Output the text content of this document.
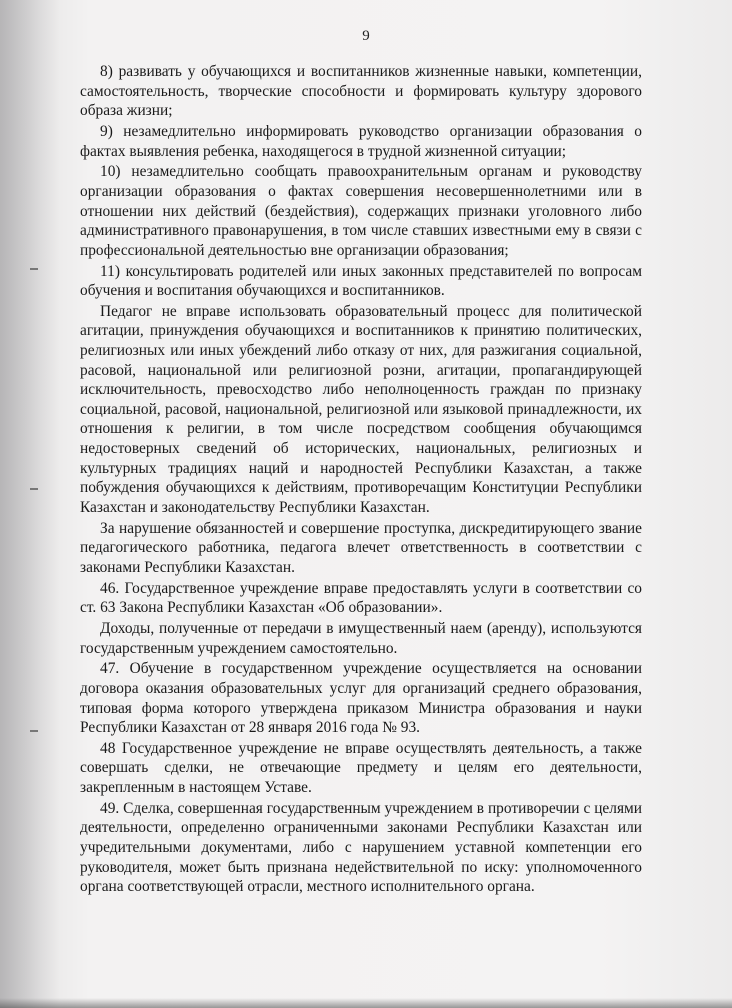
9

8) развивать у обучающихся и воспитанников жизненные навыки, компетенции, самостоятельность, творческие способности и формировать культуру здорового образа жизни;

9) незамедлительно информировать руководство организации образования о фактах выявления ребенка, находящегося в трудной жизненной ситуации;

10) незамедлительно сообщать правоохранительным органам и руководству организации образования о фактах совершения несовершеннолетними или в отношении них действий (бездействия), содержащих признаки уголовного либо административного правонарушения, в том числе ставших известными ему в связи с профессиональной деятельностью вне организации образования;

11) консультировать родителей или иных законных представителей по вопросам обучения и воспитания обучающихся и воспитанников.

Педагог не вправе использовать образовательный процесс для политической агитации, принуждения обучающихся и воспитанников к принятию политических, религиозных или иных убеждений либо отказу от них, для разжигания социальной, расовой, национальной или религиозной розни, агитации, пропагандирующей исключительность, превосходство либо неполноценность граждан по признаку социальной, расовой, национальной, религиозной или языковой принадлежности, их отношения к религии, в том числе посредством сообщения обучающимся недостоверных сведений об исторических, национальных, религиозных и культурных традициях наций и народностей Республики Казахстан, а также побуждения обучающихся к действиям, противоречащим Конституции Республики Казахстан и законодательству Республики Казахстан.

За нарушение обязанностей и совершение проступка, дискредитирующего звание педагогического работника, педагога влечет ответственность в соответствии с законами Республики Казахстан.

46. Государственное учреждение вправе предоставлять услуги в соответствии со ст. 63 Закона Республики Казахстан «Об образовании».

Доходы, полученные от передачи в имущественный наем (аренду), используются государственным учреждением самостоятельно.

47. Обучение в государственном учреждение осуществляется на основании договора оказания образовательных услуг для организаций среднего образования, типовая форма которого утверждена приказом Министра образования и науки Республики Казахстан от 28 января 2016 года № 93.

48 Государственное учреждение не вправе осуществлять деятельность, а также совершать сделки, не отвечающие предмету и целям его деятельности, закрепленным в настоящем Уставе.

49. Сделка, совершенная государственным учреждением в противоречии с целями деятельности, определенно ограниченными законами Республики Казахстан или учредительными документами, либо с нарушением уставной компетенции его руководителя, может быть признана недействительной по иску: уполномоченного органа соответствующей отрасли, местного исполнительного органа.
